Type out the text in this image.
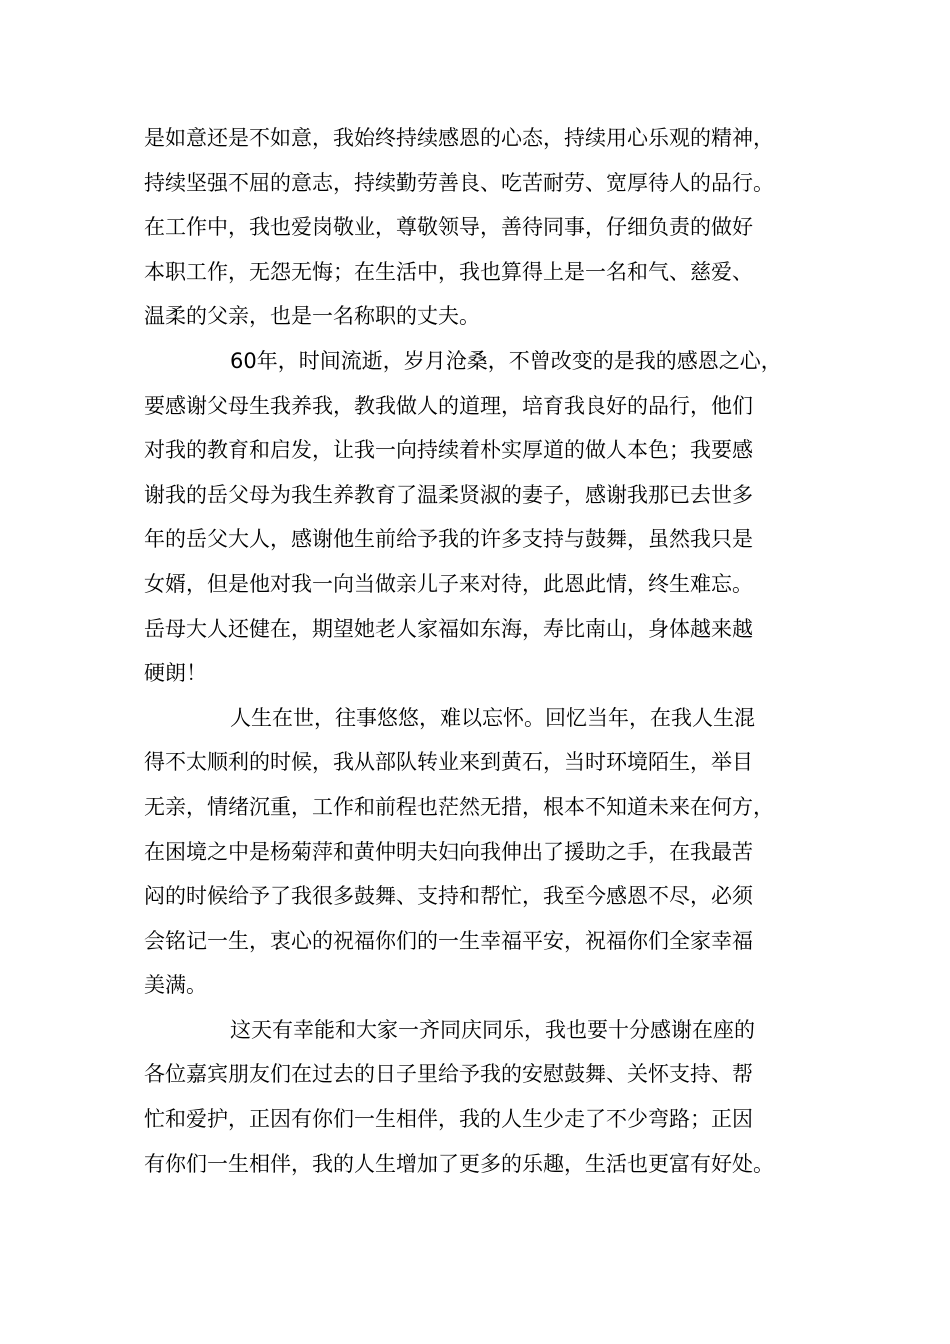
是如意还是不如意，我始终持续感恩的心态，持续用心乐观的精神，
持续坚强不屈的意志，持续勤劳善良、吃苦耐劳、宽厚待人的品行。
在工作中，我也爱岗敬业，尊敬领导，善待同事，仔细负责的做好
本职工作，无怨无悔；在生活中，我也算得上是一名和气、慈爱、
温柔的父亲，也是一名称职的丈夫。
60年，时间流逝，岁月沧桑，不曾改变的是我的感恩之心，
要感谢父母生我养我，教我做人的道理，培育我良好的品行，他们
对我的教育和启发，让我一向持续着朴实厚道的做人本色；我要感
谢我的岳父母为我生养教育了温柔贤淑的妻子，感谢我那已去世多
年的岳父大人，感谢他生前给予我的许多支持与鼓舞，虽然我只是
女婿，但是他对我一向当做亲儿子来对待，此恩此情，终生难忘。
岳母大人还健在，期望她老人家福如东海，寿比南山，身体越来越
硬朗！
人生在世，往事悠悠，难以忘怀。回忆当年，在我人生混
得不太顺利的时候，我从部队转业来到黄石，当时环境陌生，举目
无亲，情绪沉重，工作和前程也茫然无措，根本不知道未来在何方，
在困境之中是杨菊萍和黄仲明夫妇向我伸出了援助之手，在我最苦
闷的时候给予了我很多鼓舞、支持和帮忙，我至今感恩不尽，必须
会铭记一生，衷心的祝福你们的一生幸福平安，祝福你们全家幸福
美满。
这天有幸能和大家一齐同庆同乐，我也要十分感谢在座的
各位嘉宾朋友们在过去的日子里给予我的安慰鼓舞、关怀支持、帮
忙和爱护，正因有你们一生相伴，我的人生少走了不少弯路；正因
有你们一生相伴，我的人生增加了更多的乐趣，生活也更富有好处。
